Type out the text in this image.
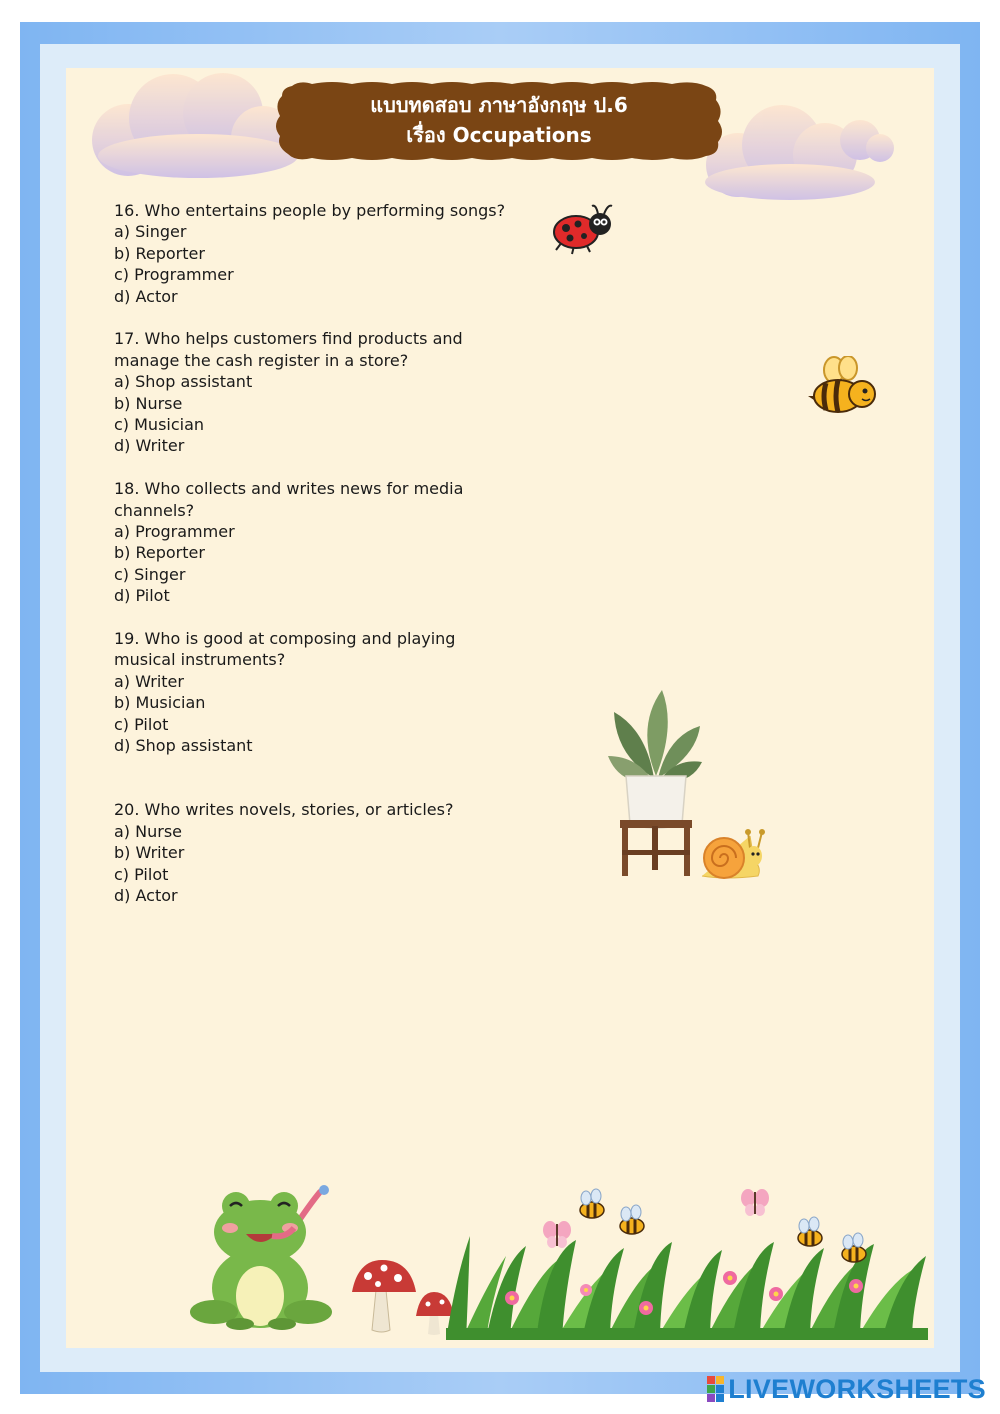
แบบทดสอบ ภาษาอังกฤษ ป.6
เรื่อง Occupations
16. Who entertains people by performing songs?
a) Singer
b) Reporter
c) Programmer
d) Actor
17. Who helps customers find products and
manage the cash register in a store?
a) Shop assistant
b) Nurse
c) Musician
d) Writer
18. Who collects and writes news for media
channels?
a) Programmer
b) Reporter
c) Singer
d) Pilot
19. Who is good at composing and playing
musical instruments?
a) Writer
b) Musician
c) Pilot
d) Shop assistant
20. Who writes novels, stories, or articles?
a) Nurse
b) Writer
c) Pilot
d) Actor
LIVEWORKSHEETS
